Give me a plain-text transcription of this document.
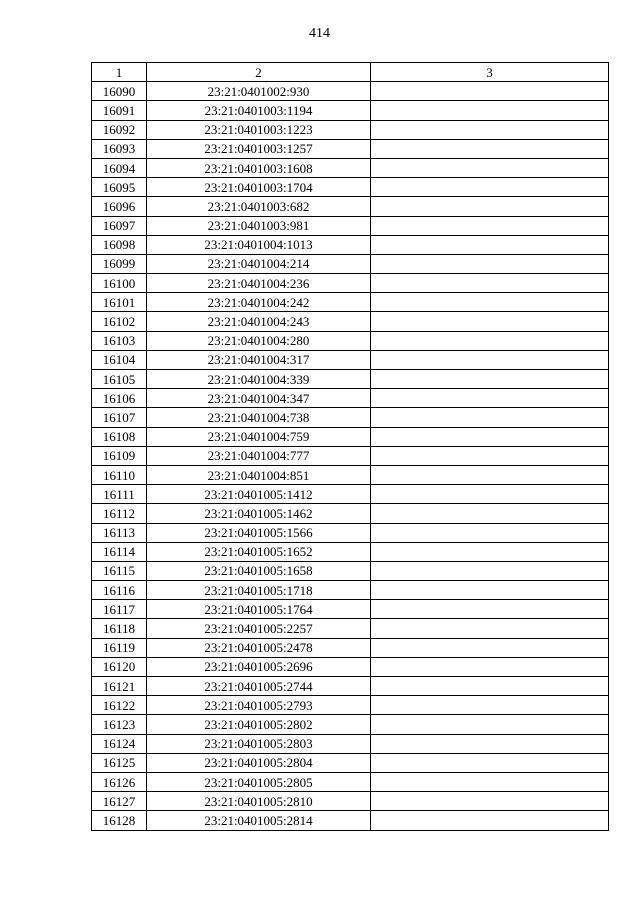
414
1	2	3
16090	23:21:0401002:930	
16091	23:21:0401003:1194	
16092	23:21:0401003:1223	
16093	23:21:0401003:1257	
16094	23:21:0401003:1608	
16095	23:21:0401003:1704	
16096	23:21:0401003:682	
16097	23:21:0401003:981	
16098	23:21:0401004:1013	
16099	23:21:0401004:214	
16100	23:21:0401004:236	
16101	23:21:0401004:242	
16102	23:21:0401004:243	
16103	23:21:0401004:280	
16104	23:21:0401004:317	
16105	23:21:0401004:339	
16106	23:21:0401004:347	
16107	23:21:0401004:738	
16108	23:21:0401004:759	
16109	23:21:0401004:777	
16110	23:21:0401004:851	
16111	23:21:0401005:1412	
16112	23:21:0401005:1462	
16113	23:21:0401005:1566	
16114	23:21:0401005:1652	
16115	23:21:0401005:1658	
16116	23:21:0401005:1718	
16117	23:21:0401005:1764	
16118	23:21:0401005:2257	
16119	23:21:0401005:2478	
16120	23:21:0401005:2696	
16121	23:21:0401005:2744	
16122	23:21:0401005:2793	
16123	23:21:0401005:2802	
16124	23:21:0401005:2803	
16125	23:21:0401005:2804	
16126	23:21:0401005:2805	
16127	23:21:0401005:2810	
16128	23:21:0401005:2814	
